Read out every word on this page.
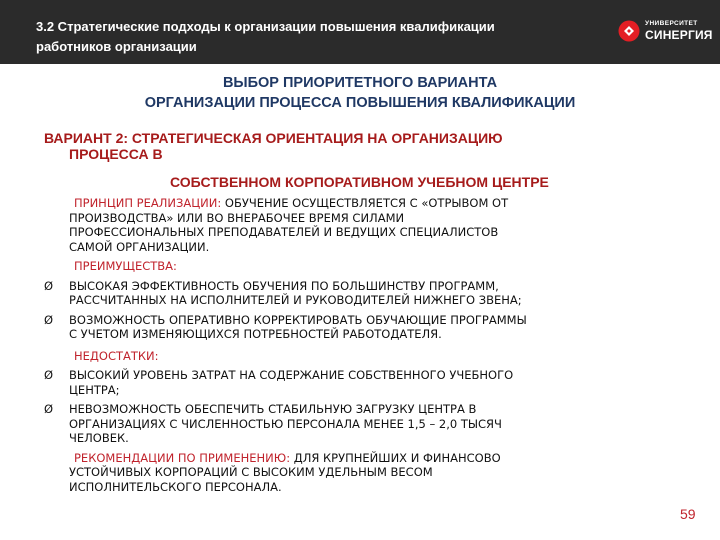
3.2 Стратегические подходы к организации повышения квалификации
работников организации
УНИВЕРСИТЕТ
СИНЕРГИЯ
ВЫБОР ПРИОРИТЕТНОГО ВАРИАНТА
ОРГАНИЗАЦИИ ПРОЦЕССА ПОВЫШЕНИЯ КВАЛИФИКАЦИИ
ВАРИАНТ 2: СТРАТЕГИЧЕСКАЯ ОРИЕНТАЦИЯ НА ОРГАНИЗАЦИЮ
ПРОЦЕССА В
СОБСТВЕННОМ КОРПОРАТИВНОМ УЧЕБНОМ ЦЕНТРЕ
ПРИНЦИП РЕАЛИЗАЦИИ: ОБУЧЕНИЕ ОСУЩЕСТВЛЯЕТСЯ С «ОТРЫВОМ ОТ
ПРОИЗВОДСТВА» ИЛИ ВО ВНЕРАБОЧЕЕ ВРЕМЯ СИЛАМИ
ПРОФЕССИОНАЛЬНЫХ ПРЕПОДАВАТЕЛЕЙ И ВЕДУЩИХ СПЕЦИАЛИСТОВ
САМОЙ ОРГАНИЗАЦИИ.
ПРЕИМУЩЕСТВА:
Ø	ВЫСОКАЯ ЭФФЕКТИВНОСТЬ ОБУЧЕНИЯ ПО БОЛЬШИНСТВУ ПРОГРАММ,
РАССЧИТАННЫХ НА ИСПОЛНИТЕЛЕЙ И РУКОВОДИТЕЛЕЙ НИЖНЕГО ЗВЕНА;
Ø	ВОЗМОЖНОСТЬ ОПЕРАТИВНО КОРРЕКТИРОВАТЬ ОБУЧАЮЩИЕ ПРОГРАММЫ
С УЧЕТОМ ИЗМЕНЯЮЩИХСЯ ПОТРЕБНОСТЕЙ РАБОТОДАТЕЛЯ.
НЕДОСТАТКИ:
Ø	ВЫСОКИЙ УРОВЕНЬ ЗАТРАТ НА СОДЕРЖАНИЕ СОБСТВЕННОГО УЧЕБНОГО
ЦЕНТРА;
Ø	НЕВОЗМОЖНОСТЬ ОБЕСПЕЧИТЬ СТАБИЛЬНУЮ ЗАГРУЗКУ ЦЕНТРА В
ОРГАНИЗАЦИЯХ С ЧИСЛЕННОСТЬЮ ПЕРСОНАЛА МЕНЕЕ 1,5 – 2,0 ТЫСЯЧ
ЧЕЛОВЕК.
РЕКОМЕНДАЦИИ ПО ПРИМЕНЕНИЮ: ДЛЯ КРУПНЕЙШИХ И ФИНАНСОВО
УСТОЙЧИВЫХ КОРПОРАЦИЙ С ВЫСОКИМ УДЕЛЬНЫМ ВЕСОМ
ИСПОЛНИТЕЛЬСКОГО ПЕРСОНАЛА.
59
